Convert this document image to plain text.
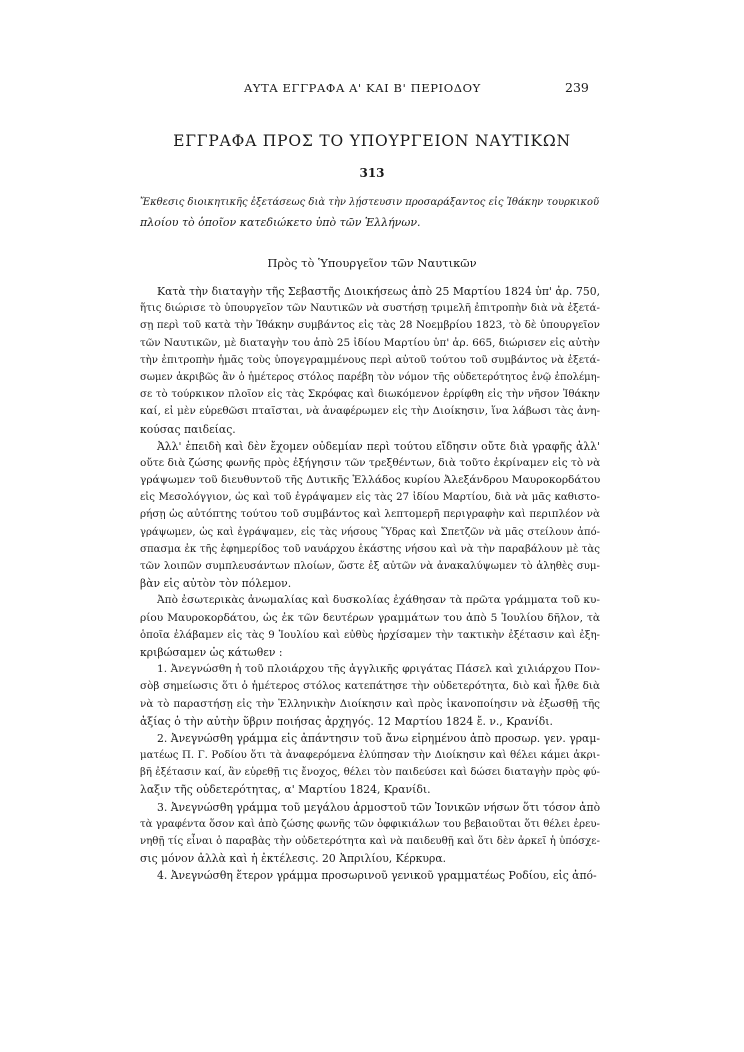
ΑΥΤΑ ΕΓΓΡΑΦΑ Α' ΚΑΙ Β' ΠΕΡΙΟΔΟΥ	239
ΕΓΓΡΑΦΑ ΠΡΟΣ ΤΟ ΥΠΟΥΡΓΕΙΟΝ ΝΑΥΤΙΚΩΝ
313
Ἔκθεσις διοικητικῆς ἐξετάσεως διὰ τὴν λῄστευσιν προσαράξαντος εἰς Ἰθάκην τουρκικοῦ
πλοίου τὸ ὁποῖον κατεδιώκετο ὑπὸ τῶν Ἑλλήνων.
Πρὸς τὸ Ὑπουργεῖον τῶν Ναυτικῶν
Κατὰ τὴν διαταγὴν τῆς Σεβαστῆς Διοικήσεως ἀπὸ 25 Μαρτίου 1824 ὑπ' ἀρ. 750,
ἥτις διώρισε τὸ ὑπουργεῖον τῶν Ναυτικῶν νὰ συστήσῃ τριμελῆ ἐπιτροπὴν διὰ νὰ ἐξετά-
σῃ περὶ τοῦ κατὰ τὴν Ἰθάκην συμβάντος εἰς τὰς 28 Νοεμβρίου 1823, τὸ δὲ ὑπουργεῖον
τῶν Ναυτικῶν, μὲ διαταγὴν του ἀπὸ 25 ἰδίου Μαρτίου ὑπ' ἀρ. 665, διώρισεν εἰς αὐτὴν
τὴν ἐπιτροπὴν ἡμᾶς τοὺς ὑπογεγραμμένους περὶ αὐτοῦ τούτου τοῦ συμβάντος νὰ ἐξετά-
σωμεν ἀκριβῶς ἂν ὁ ἡμέτερος στόλος παρέβη τὸν νόμον τῆς οὐδετερότητος ἐνῷ ἐπολέμη-
σε τὸ τούρκικον πλοῖον εἰς τὰς Σκρόφας καὶ διωκόμενον ἐρρίφθη εἰς τὴν νῆσον Ἰθάκην
καί, εἰ μὲν εὑρεθῶσι πταῖσται, νὰ ἀναφέρωμεν εἰς τὴν Διοίκησιν, ἵνα λάβωσι τὰς ἀνη-
κούσας παιδείας.
Ἀλλ' ἐπειδὴ καὶ δὲν ἔχομεν οὐδεμίαν περὶ τούτου εἴδησιν οὔτε διὰ γραφῆς ἀλλ'
οὔτε διὰ ζώσης φωνῆς πρὸς ἐξήγησιν τῶν τρεξθέντων, διὰ τοῦτο ἐκρίναμεν εἰς τὸ νὰ
γράψωμεν τοῦ διευθυντοῦ τῆς Δυτικῆς Ἑλλάδος κυρίου Ἀλεξάνδρου Μαυροκορδάτου
εἰς Μεσολόγγιον, ὡς καὶ τοῦ ἐγράψαμεν εἰς τὰς 27 ἰδίου Μαρτίου, διὰ νὰ μᾶς καθιστο-
ρήσῃ ὡς αὐτόπτης τούτου τοῦ συμβάντος καὶ λεπτομερῆ περιγραφὴν καὶ περιπλέον νὰ
γράψωμεν, ὡς καὶ ἐγράψαμεν, εἰς τὰς νήσους Ὕδρας καὶ Σπετζῶν νὰ μᾶς στείλουν ἀπό-
σπασμα ἐκ τῆς ἐφημερίδος τοῦ ναυάρχου ἑκάστης νήσου καὶ νὰ τὴν παραβάλουν μὲ τὰς
τῶν λοιπῶν συμπλευσάντων πλοίων, ὥστε ἐξ αὐτῶν νὰ ἀνακαλύψωμεν τὸ ἀληθὲς συμ-
βὰν εἰς αὐτὸν τὸν πόλεμον.
Ἀπὸ ἐσωτερικὰς ἀνωμαλίας καὶ δυσκολίας ἐχάθησαν τὰ πρῶτα γράμματα τοῦ κυ-
ρίου Μαυροκορδάτου, ὡς ἐκ τῶν δευτέρων γραμμάτων του ἀπὸ 5 Ἰουλίου δῆλον, τὰ
ὁποῖα ἐλάβαμεν εἰς τὰς 9 Ἰουλίου καὶ εὐθὺς ἠρχίσαμεν τὴν τακτικὴν ἐξέτασιν καὶ ἐξη-
κριβώσαμεν ὡς κάτωθεν :
1. Ἀνεγνώσθη ἡ τοῦ πλοιάρχου τῆς ἀγγλικῆς φριγάτας Πάσελ καὶ χιλιάρχου Πον-
σὸβ σημείωσις ὅτι ὁ ἡμέτερος στόλος κατεπάτησε τὴν οὐδετερότητα, διὸ καὶ ἦλθε διὰ
νὰ τὸ παραστήσῃ εἰς τὴν Ἑλληνικὴν Διοίκησιν καὶ πρὸς ἱκανοποίησιν νὰ ἐξωσθῇ τῆς
ἀξίας ὁ τὴν αὐτὴν ὕβριν ποιήσας ἀρχηγός. 12 Μαρτίου 1824 ἔ. ν., Κρανίδι.
2. Ἀνεγνώσθη γράμμα εἰς ἀπάντησιν τοῦ ἄνω εἰρημένου ἀπὸ προσωρ. γεν. γραμ-
ματέως Π. Γ. Ροδίου ὅτι τὰ ἀναφερόμενα ἐλύπησαν τὴν Διοίκησιν καὶ θέλει κάμει ἀκρι-
βῆ ἐξέτασιν καί, ἂν εὑρεθῇ τις ἔνοχος, θέλει τὸν παιδεύσει καὶ δώσει διαταγὴν πρὸς φύ-
λαξιν τῆς οὐδετερότητας, α' Μαρτίου 1824, Κρανίδι.
3. Ἀνεγνώσθη γράμμα τοῦ μεγάλου ἁρμοστοῦ τῶν Ἰονικῶν νήσων ὅτι τόσον ἀπὸ
τὰ γραφέντα ὅσον καὶ ἀπὸ ζώσης φωνῆς τῶν ὀφφικιάλων του βεβαιοῦται ὅτι θέλει ἐρευ-
νηθῇ τίς εἶναι ὁ παραβὰς τὴν οὐδετερότητα καὶ νὰ παιδευθῇ καὶ ὅτι δὲν ἀρκεῖ ἡ ὑπόσχε-
σις μόνον ἀλλὰ καὶ ἡ ἐκτέλεσις. 20 Ἀπριλίου, Κέρκυρα.
4. Ἀνεγνώσθη ἕτερον γράμμα προσωρινοῦ γενικοῦ γραμματέως Ροδίου, εἰς ἀπό-
